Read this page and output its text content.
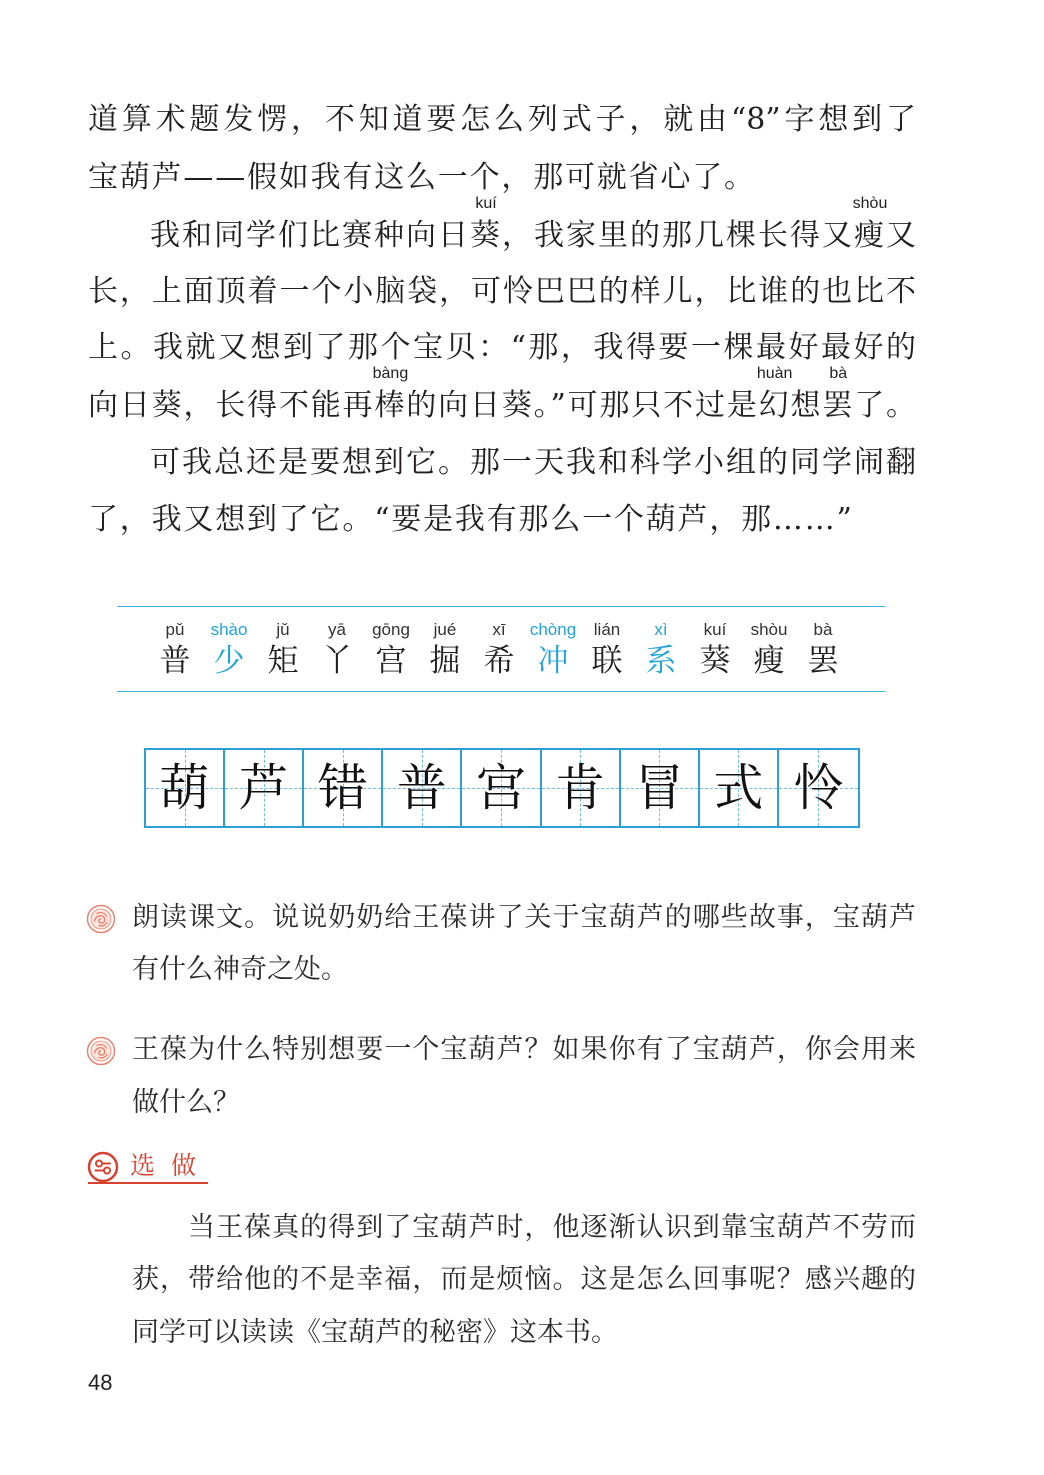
道算术题发愣，不知道要怎么列式子，就由“8”字想到了
宝葫芦——假如我有这么一个，那可就省心了。
我和同学们比赛种向日葵
kuí
，我家里的那几棵长得又瘦
shòu
又
长，上面顶着一个小脑袋，可怜巴巴的样儿，比谁的也比不
上。我就又想到了那个宝贝：“那，我得要一棵最好最好的
向日葵，长得不能再棒
bàng
的向日葵。”可那只不过是幻
huàn
想罢
bà
了。
可我总还是要想到它。那一天我和科学小组的同学闹翻
了，我又想到了它。“要是我有那么一个葫芦，那……”
pǔ
普
shào
少
jǔ
矩
yā
丫
gōng
宫
jué
掘
xī
希
chòng
冲
lián
联
xì
系
kuí
葵
shòu
瘦
bà
罢
葫 芦 错 普 宫 肯 冒 式 怜
朗读课文。说说奶奶给王葆讲了关于宝葫芦的哪些故事，宝葫芦
有什么神奇之处。
王葆为什么特别想要一个宝葫芦？如果你有了宝葫芦，你会用来
做什么？
选 做
当王葆真的得到了宝葫芦时，他逐渐认识到靠宝葫芦不劳而
获，带给他的不是幸福，而是烦恼。这是怎么回事呢？感兴趣的
同学可以读读《宝葫芦的秘密》这本书。
48
